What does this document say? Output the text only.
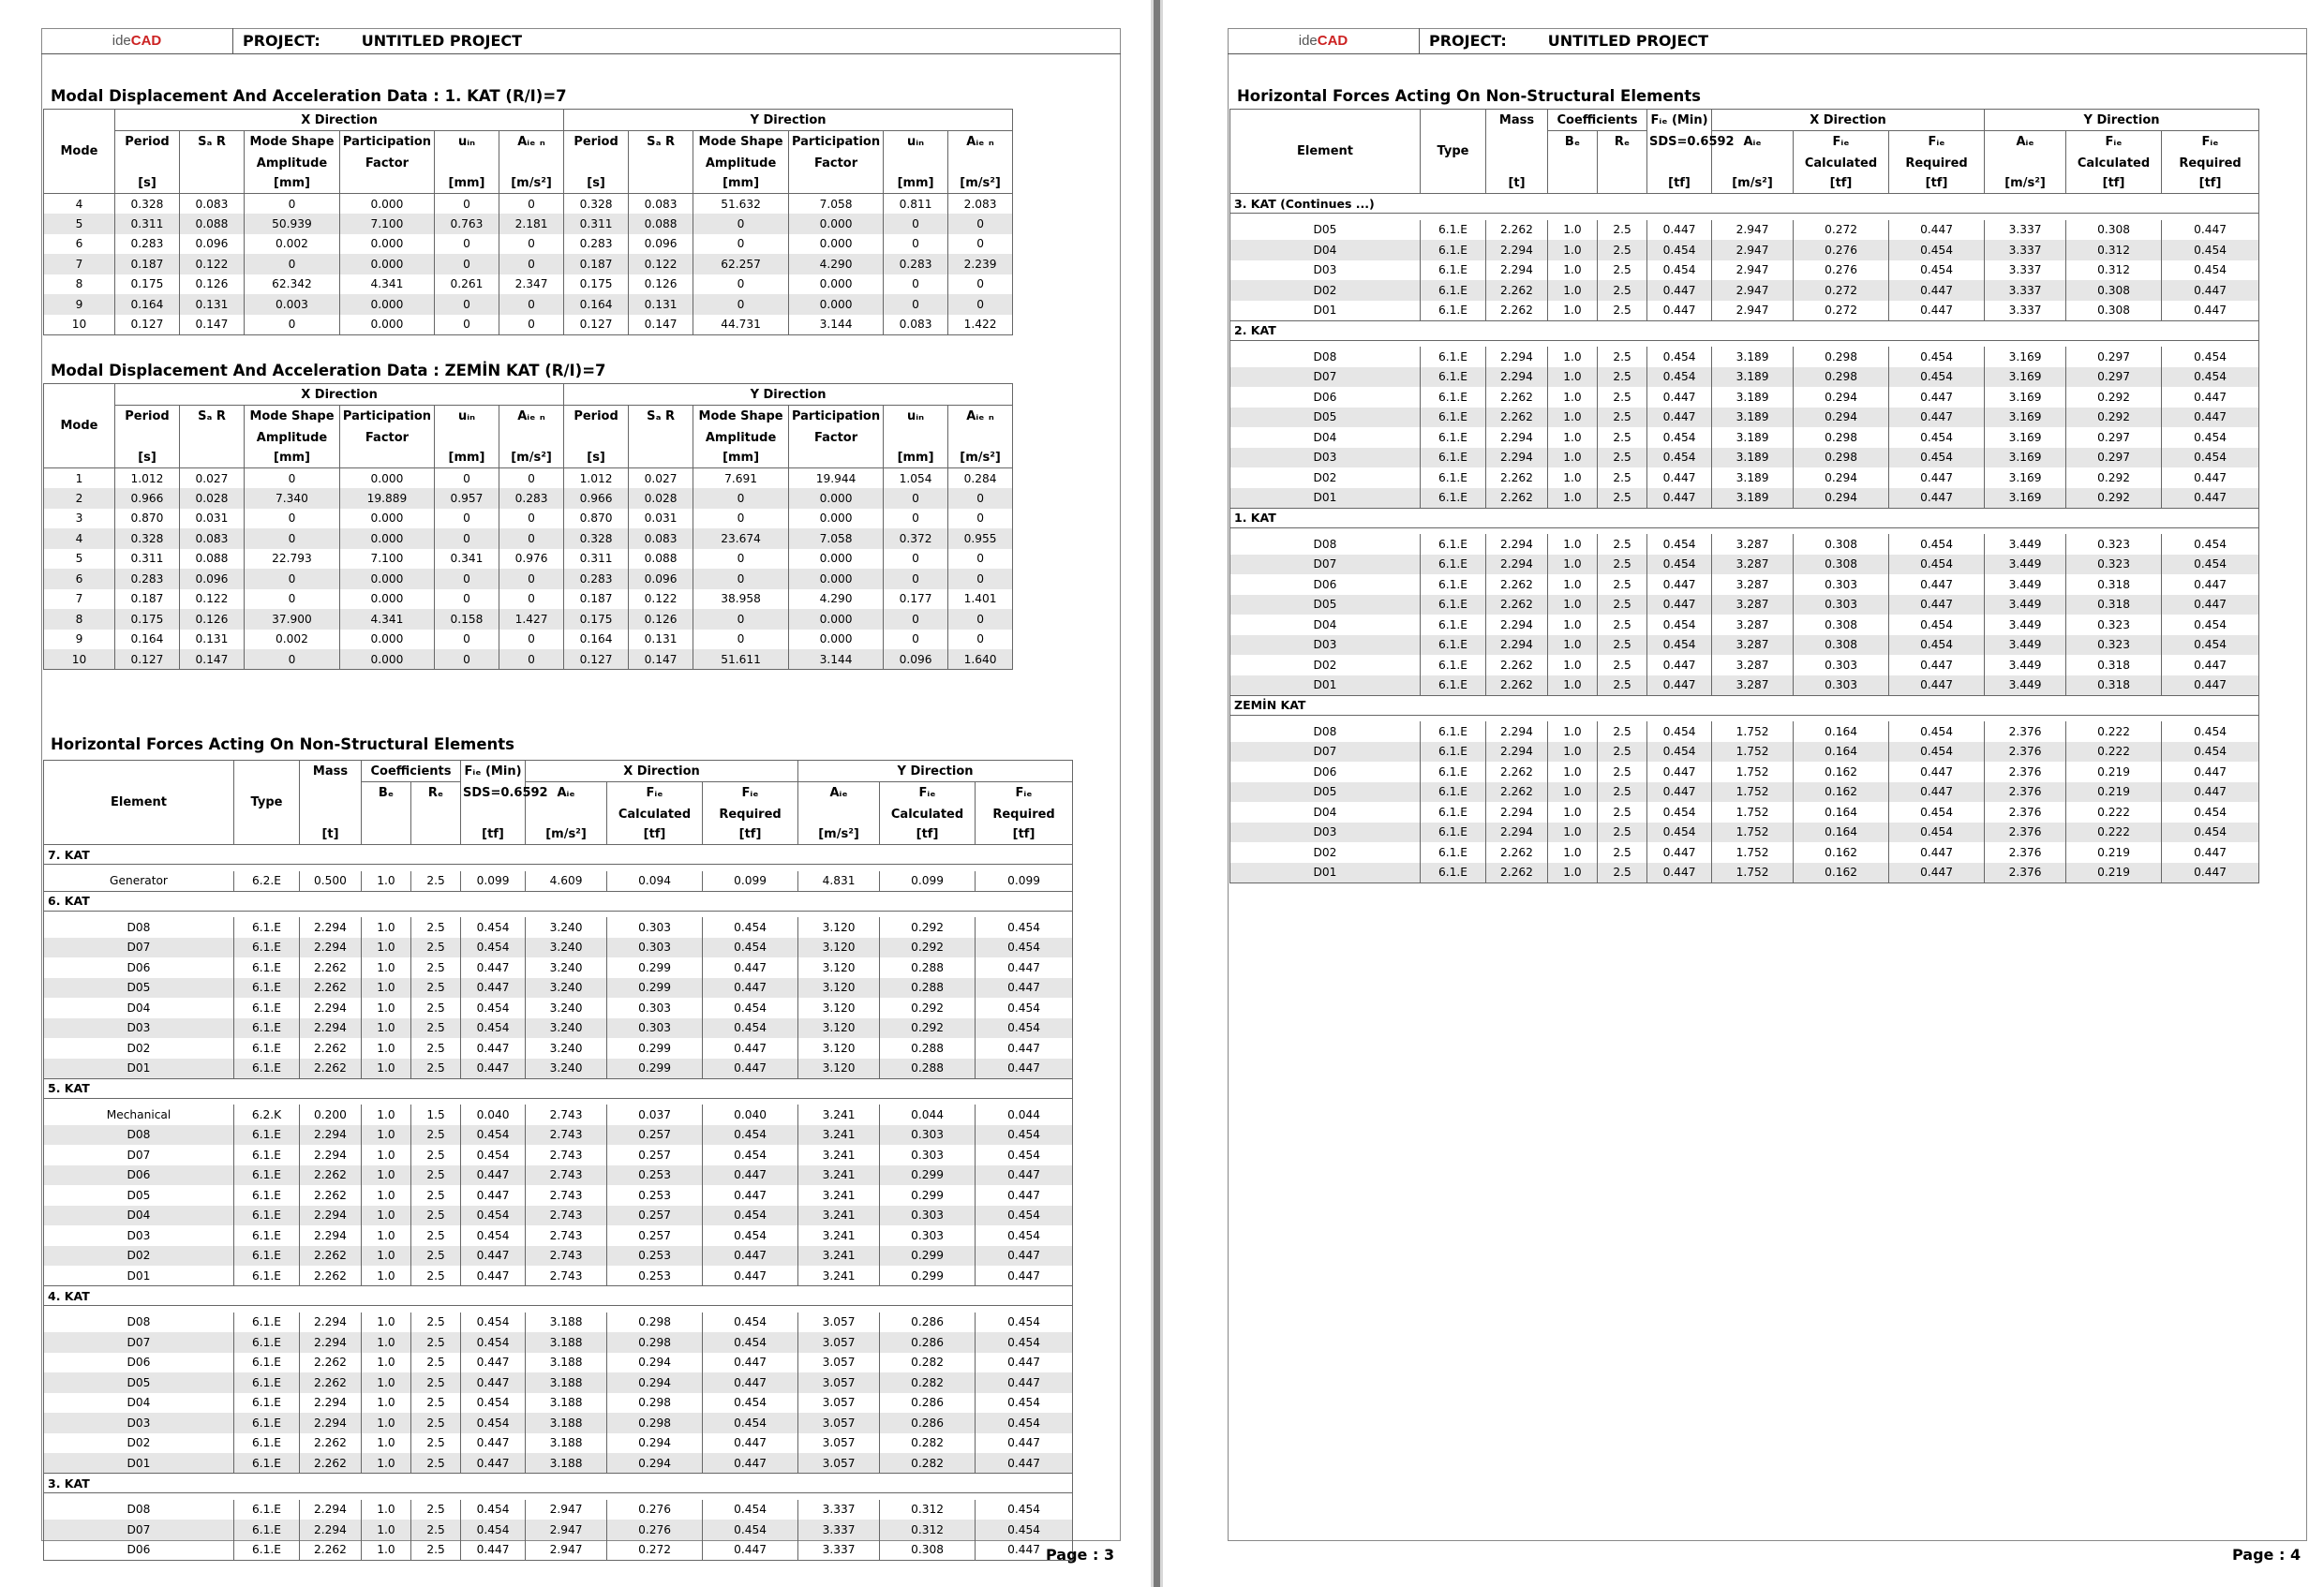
ideCAD	PROJECT:	UNTITLED PROJECT
Modal Displacement And Acceleration Data : 1. KAT (R/I)=7
Mode	X Direction						Y Direction					
	Period	Sₐ R	Mode Shape	Participation	uᵢₙ	Aᵢₑ ₙ	Period	Sₐ R	Mode Shape	Participation	uᵢₙ	Aᵢₑ ₙ
			Amplitude	Factor					Amplitude	Factor		
	[s]		[mm]		[mm]	[m/s²]	[s]		[mm]		[mm]	[m/s²]
4	0.328	0.083	0	0.000	0	0	0.328	0.083	51.632	7.058	0.811	2.083
5	0.311	0.088	50.939	7.100	0.763	2.181	0.311	0.088	0	0.000	0	0
6	0.283	0.096	0.002	0.000	0	0	0.283	0.096	0	0.000	0	0
7	0.187	0.122	0	0.000	0	0	0.187	0.122	62.257	4.290	0.283	2.239
8	0.175	0.126	62.342	4.341	0.261	2.347	0.175	0.126	0	0.000	0	0
9	0.164	0.131	0.003	0.000	0	0	0.164	0.131	0	0.000	0	0
10	0.127	0.147	0	0.000	0	0	0.127	0.147	44.731	3.144	0.083	1.422
Modal Displacement And Acceleration Data : ZEMİN KAT (R/I)=7
Mode	X Direction						Y Direction					
	Period	Sₐ R	Mode Shape	Participation	uᵢₙ	Aᵢₑ ₙ	Period	Sₐ R	Mode Shape	Participation	uᵢₙ	Aᵢₑ ₙ
			Amplitude	Factor					Amplitude	Factor		
	[s]		[mm]		[mm]	[m/s²]	[s]		[mm]		[mm]	[m/s²]
1	1.012	0.027	0	0.000	0	0	1.012	0.027	7.691	19.944	1.054	0.284
2	0.966	0.028	7.340	19.889	0.957	0.283	0.966	0.028	0	0.000	0	0
3	0.870	0.031	0	0.000	0	0	0.870	0.031	0	0.000	0	0
4	0.328	0.083	0	0.000	0	0	0.328	0.083	23.674	7.058	0.372	0.955
5	0.311	0.088	22.793	7.100	0.341	0.976	0.311	0.088	0	0.000	0	0
6	0.283	0.096	0	0.000	0	0	0.283	0.096	0	0.000	0	0
7	0.187	0.122	0	0.000	0	0	0.187	0.122	38.958	4.290	0.177	1.401
8	0.175	0.126	37.900	4.341	0.158	1.427	0.175	0.126	0	0.000	0	0
9	0.164	0.131	0.002	0.000	0	0	0.164	0.131	0	0.000	0	0
10	0.127	0.147	0	0.000	0	0	0.127	0.147	51.611	3.144	0.096	1.640
Horizontal Forces Acting On Non-Structural Elements
Element	Type	Mass	Coefficients		Fᵢₑ (Min)	X Direction			Y Direction		
			Bₑ	Rₑ	SDS=0.6592	Aᵢₑ	Fᵢₑ	Fᵢₑ	Aᵢₑ	Fᵢₑ	Fᵢₑ
							Calculated	Required		Calculated	Required
		[t]			[tf]	[m/s²]	[tf]	[tf]	[m/s²]	[tf]	[tf]
7. KAT											

Generator	6.2.E	0.500	1.0	2.5	0.099	4.609	0.094	0.099	4.831	0.099	0.099
6. KAT											

D08	6.1.E	2.294	1.0	2.5	0.454	3.240	0.303	0.454	3.120	0.292	0.454
D07	6.1.E	2.294	1.0	2.5	0.454	3.240	0.303	0.454	3.120	0.292	0.454
D06	6.1.E	2.262	1.0	2.5	0.447	3.240	0.299	0.447	3.120	0.288	0.447
D05	6.1.E	2.262	1.0	2.5	0.447	3.240	0.299	0.447	3.120	0.288	0.447
D04	6.1.E	2.294	1.0	2.5	0.454	3.240	0.303	0.454	3.120	0.292	0.454
D03	6.1.E	2.294	1.0	2.5	0.454	3.240	0.303	0.454	3.120	0.292	0.454
D02	6.1.E	2.262	1.0	2.5	0.447	3.240	0.299	0.447	3.120	0.288	0.447
D01	6.1.E	2.262	1.0	2.5	0.447	3.240	0.299	0.447	3.120	0.288	0.447
5. KAT											

Mechanical	6.2.K	0.200	1.0	1.5	0.040	2.743	0.037	0.040	3.241	0.044	0.044
D08	6.1.E	2.294	1.0	2.5	0.454	2.743	0.257	0.454	3.241	0.303	0.454
D07	6.1.E	2.294	1.0	2.5	0.454	2.743	0.257	0.454	3.241	0.303	0.454
D06	6.1.E	2.262	1.0	2.5	0.447	2.743	0.253	0.447	3.241	0.299	0.447
D05	6.1.E	2.262	1.0	2.5	0.447	2.743	0.253	0.447	3.241	0.299	0.447
D04	6.1.E	2.294	1.0	2.5	0.454	2.743	0.257	0.454	3.241	0.303	0.454
D03	6.1.E	2.294	1.0	2.5	0.454	2.743	0.257	0.454	3.241	0.303	0.454
D02	6.1.E	2.262	1.0	2.5	0.447	2.743	0.253	0.447	3.241	0.299	0.447
D01	6.1.E	2.262	1.0	2.5	0.447	2.743	0.253	0.447	3.241	0.299	0.447
4. KAT											

D08	6.1.E	2.294	1.0	2.5	0.454	3.188	0.298	0.454	3.057	0.286	0.454
D07	6.1.E	2.294	1.0	2.5	0.454	3.188	0.298	0.454	3.057	0.286	0.454
D06	6.1.E	2.262	1.0	2.5	0.447	3.188	0.294	0.447	3.057	0.282	0.447
D05	6.1.E	2.262	1.0	2.5	0.447	3.188	0.294	0.447	3.057	0.282	0.447
D04	6.1.E	2.294	1.0	2.5	0.454	3.188	0.298	0.454	3.057	0.286	0.454
D03	6.1.E	2.294	1.0	2.5	0.454	3.188	0.298	0.454	3.057	0.286	0.454
D02	6.1.E	2.262	1.0	2.5	0.447	3.188	0.294	0.447	3.057	0.282	0.447
D01	6.1.E	2.262	1.0	2.5	0.447	3.188	0.294	0.447	3.057	0.282	0.447
3. KAT											

D08	6.1.E	2.294	1.0	2.5	0.454	2.947	0.276	0.454	3.337	0.312	0.454
D07	6.1.E	2.294	1.0	2.5	0.454	2.947	0.276	0.454	3.337	0.312	0.454
D06	6.1.E	2.262	1.0	2.5	0.447	2.947	0.272	0.447	3.337	0.308	0.447 Page : 3
ideCAD	PROJECT:	UNTITLED PROJECT
Horizontal Forces Acting On Non-Structural Elements
Element	Type	Mass	Coefficients		Fᵢₑ (Min)	X Direction			Y Direction		
			Bₑ	Rₑ	SDS=0.6592	Aᵢₑ	Fᵢₑ	Fᵢₑ	Aᵢₑ	Fᵢₑ	Fᵢₑ
							Calculated	Required		Calculated	Required
		[t]			[tf]	[m/s²]	[tf]	[tf]	[m/s²]	[tf]	[tf]
3. KAT (Continues ...)											

D05	6.1.E	2.262	1.0	2.5	0.447	2.947	0.272	0.447	3.337	0.308	0.447
D04	6.1.E	2.294	1.0	2.5	0.454	2.947	0.276	0.454	3.337	0.312	0.454
D03	6.1.E	2.294	1.0	2.5	0.454	2.947	0.276	0.454	3.337	0.312	0.454
D02	6.1.E	2.262	1.0	2.5	0.447	2.947	0.272	0.447	3.337	0.308	0.447
D01	6.1.E	2.262	1.0	2.5	0.447	2.947	0.272	0.447	3.337	0.308	0.447
2. KAT											

D08	6.1.E	2.294	1.0	2.5	0.454	3.189	0.298	0.454	3.169	0.297	0.454
D07	6.1.E	2.294	1.0	2.5	0.454	3.189	0.298	0.454	3.169	0.297	0.454
D06	6.1.E	2.262	1.0	2.5	0.447	3.189	0.294	0.447	3.169	0.292	0.447
D05	6.1.E	2.262	1.0	2.5	0.447	3.189	0.294	0.447	3.169	0.292	0.447
D04	6.1.E	2.294	1.0	2.5	0.454	3.189	0.298	0.454	3.169	0.297	0.454
D03	6.1.E	2.294	1.0	2.5	0.454	3.189	0.298	0.454	3.169	0.297	0.454
D02	6.1.E	2.262	1.0	2.5	0.447	3.189	0.294	0.447	3.169	0.292	0.447
D01	6.1.E	2.262	1.0	2.5	0.447	3.189	0.294	0.447	3.169	0.292	0.447
1. KAT											

D08	6.1.E	2.294	1.0	2.5	0.454	3.287	0.308	0.454	3.449	0.323	0.454
D07	6.1.E	2.294	1.0	2.5	0.454	3.287	0.308	0.454	3.449	0.323	0.454
D06	6.1.E	2.262	1.0	2.5	0.447	3.287	0.303	0.447	3.449	0.318	0.447
D05	6.1.E	2.262	1.0	2.5	0.447	3.287	0.303	0.447	3.449	0.318	0.447
D04	6.1.E	2.294	1.0	2.5	0.454	3.287	0.308	0.454	3.449	0.323	0.454
D03	6.1.E	2.294	1.0	2.5	0.454	3.287	0.308	0.454	3.449	0.323	0.454
D02	6.1.E	2.262	1.0	2.5	0.447	3.287	0.303	0.447	3.449	0.318	0.447
D01	6.1.E	2.262	1.0	2.5	0.447	3.287	0.303	0.447	3.449	0.318	0.447
ZEMİN KAT											

D08	6.1.E	2.294	1.0	2.5	0.454	1.752	0.164	0.454	2.376	0.222	0.454
D07	6.1.E	2.294	1.0	2.5	0.454	1.752	0.164	0.454	2.376	0.222	0.454
D06	6.1.E	2.262	1.0	2.5	0.447	1.752	0.162	0.447	2.376	0.219	0.447
D05	6.1.E	2.262	1.0	2.5	0.447	1.752	0.162	0.447	2.376	0.219	0.447
D04	6.1.E	2.294	1.0	2.5	0.454	1.752	0.164	0.454	2.376	0.222	0.454
D03	6.1.E	2.294	1.0	2.5	0.454	1.752	0.164	0.454	2.376	0.222	0.454
D02	6.1.E	2.262	1.0	2.5	0.447	1.752	0.162	0.447	2.376	0.219	0.447
D01	6.1.E	2.262	1.0	2.5	0.447	1.752	0.162	0.447	2.376	0.219	0.447
Page : 4
